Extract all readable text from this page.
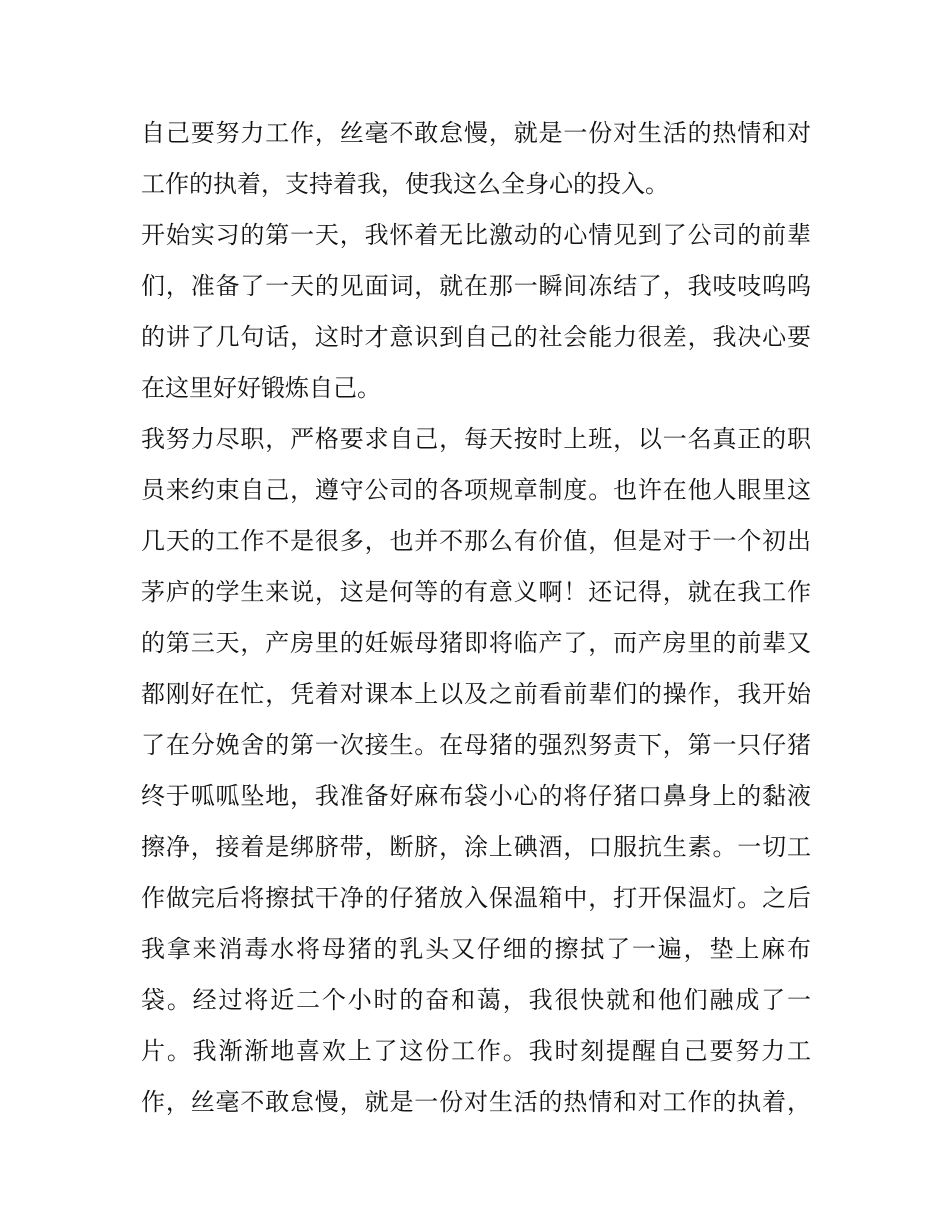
自己要努力工作，丝毫不敢怠慢，就是一份对生活的热情和对
工作的执着，支持着我，使我这么全身心的投入。
开始实习的第一天，我怀着无比激动的心情见到了公司的前辈
们，准备了一天的见面词，就在那一瞬间冻结了，我吱吱呜呜
的讲了几句话，这时才意识到自己的社会能力很差，我决心要
在这里好好锻炼自己。
我努力尽职，严格要求自己，每天按时上班，以一名真正的职
员来约束自己，遵守公司的各项规章制度。也许在他人眼里这
几天的工作不是很多，也并不那么有价值，但是对于一个初出
茅庐的学生来说，这是何等的有意义啊！还记得，就在我工作
的第三天，产房里的妊娠母猪即将临产了，而产房里的前辈又
都刚好在忙，凭着对课本上以及之前看前辈们的操作，我开始
了在分娩舍的第一次接生。在母猪的强烈努责下，第一只仔猪
终于呱呱坠地，我准备好麻布袋小心的将仔猪口鼻身上的黏液
擦净，接着是绑脐带，断脐，涂上碘酒，口服抗生素。一切工
作做完后将擦拭干净的仔猪放入保温箱中，打开保温灯。之后
我拿来消毒水将母猪的乳头又仔细的擦拭了一遍，垫上麻布
袋。经过将近二个小时的奋和蔼，我很快就和他们融成了一
片。我渐渐地喜欢上了这份工作。我时刻提醒自己要努力工
作，丝毫不敢怠慢，就是一份对生活的热情和对工作的执着，
